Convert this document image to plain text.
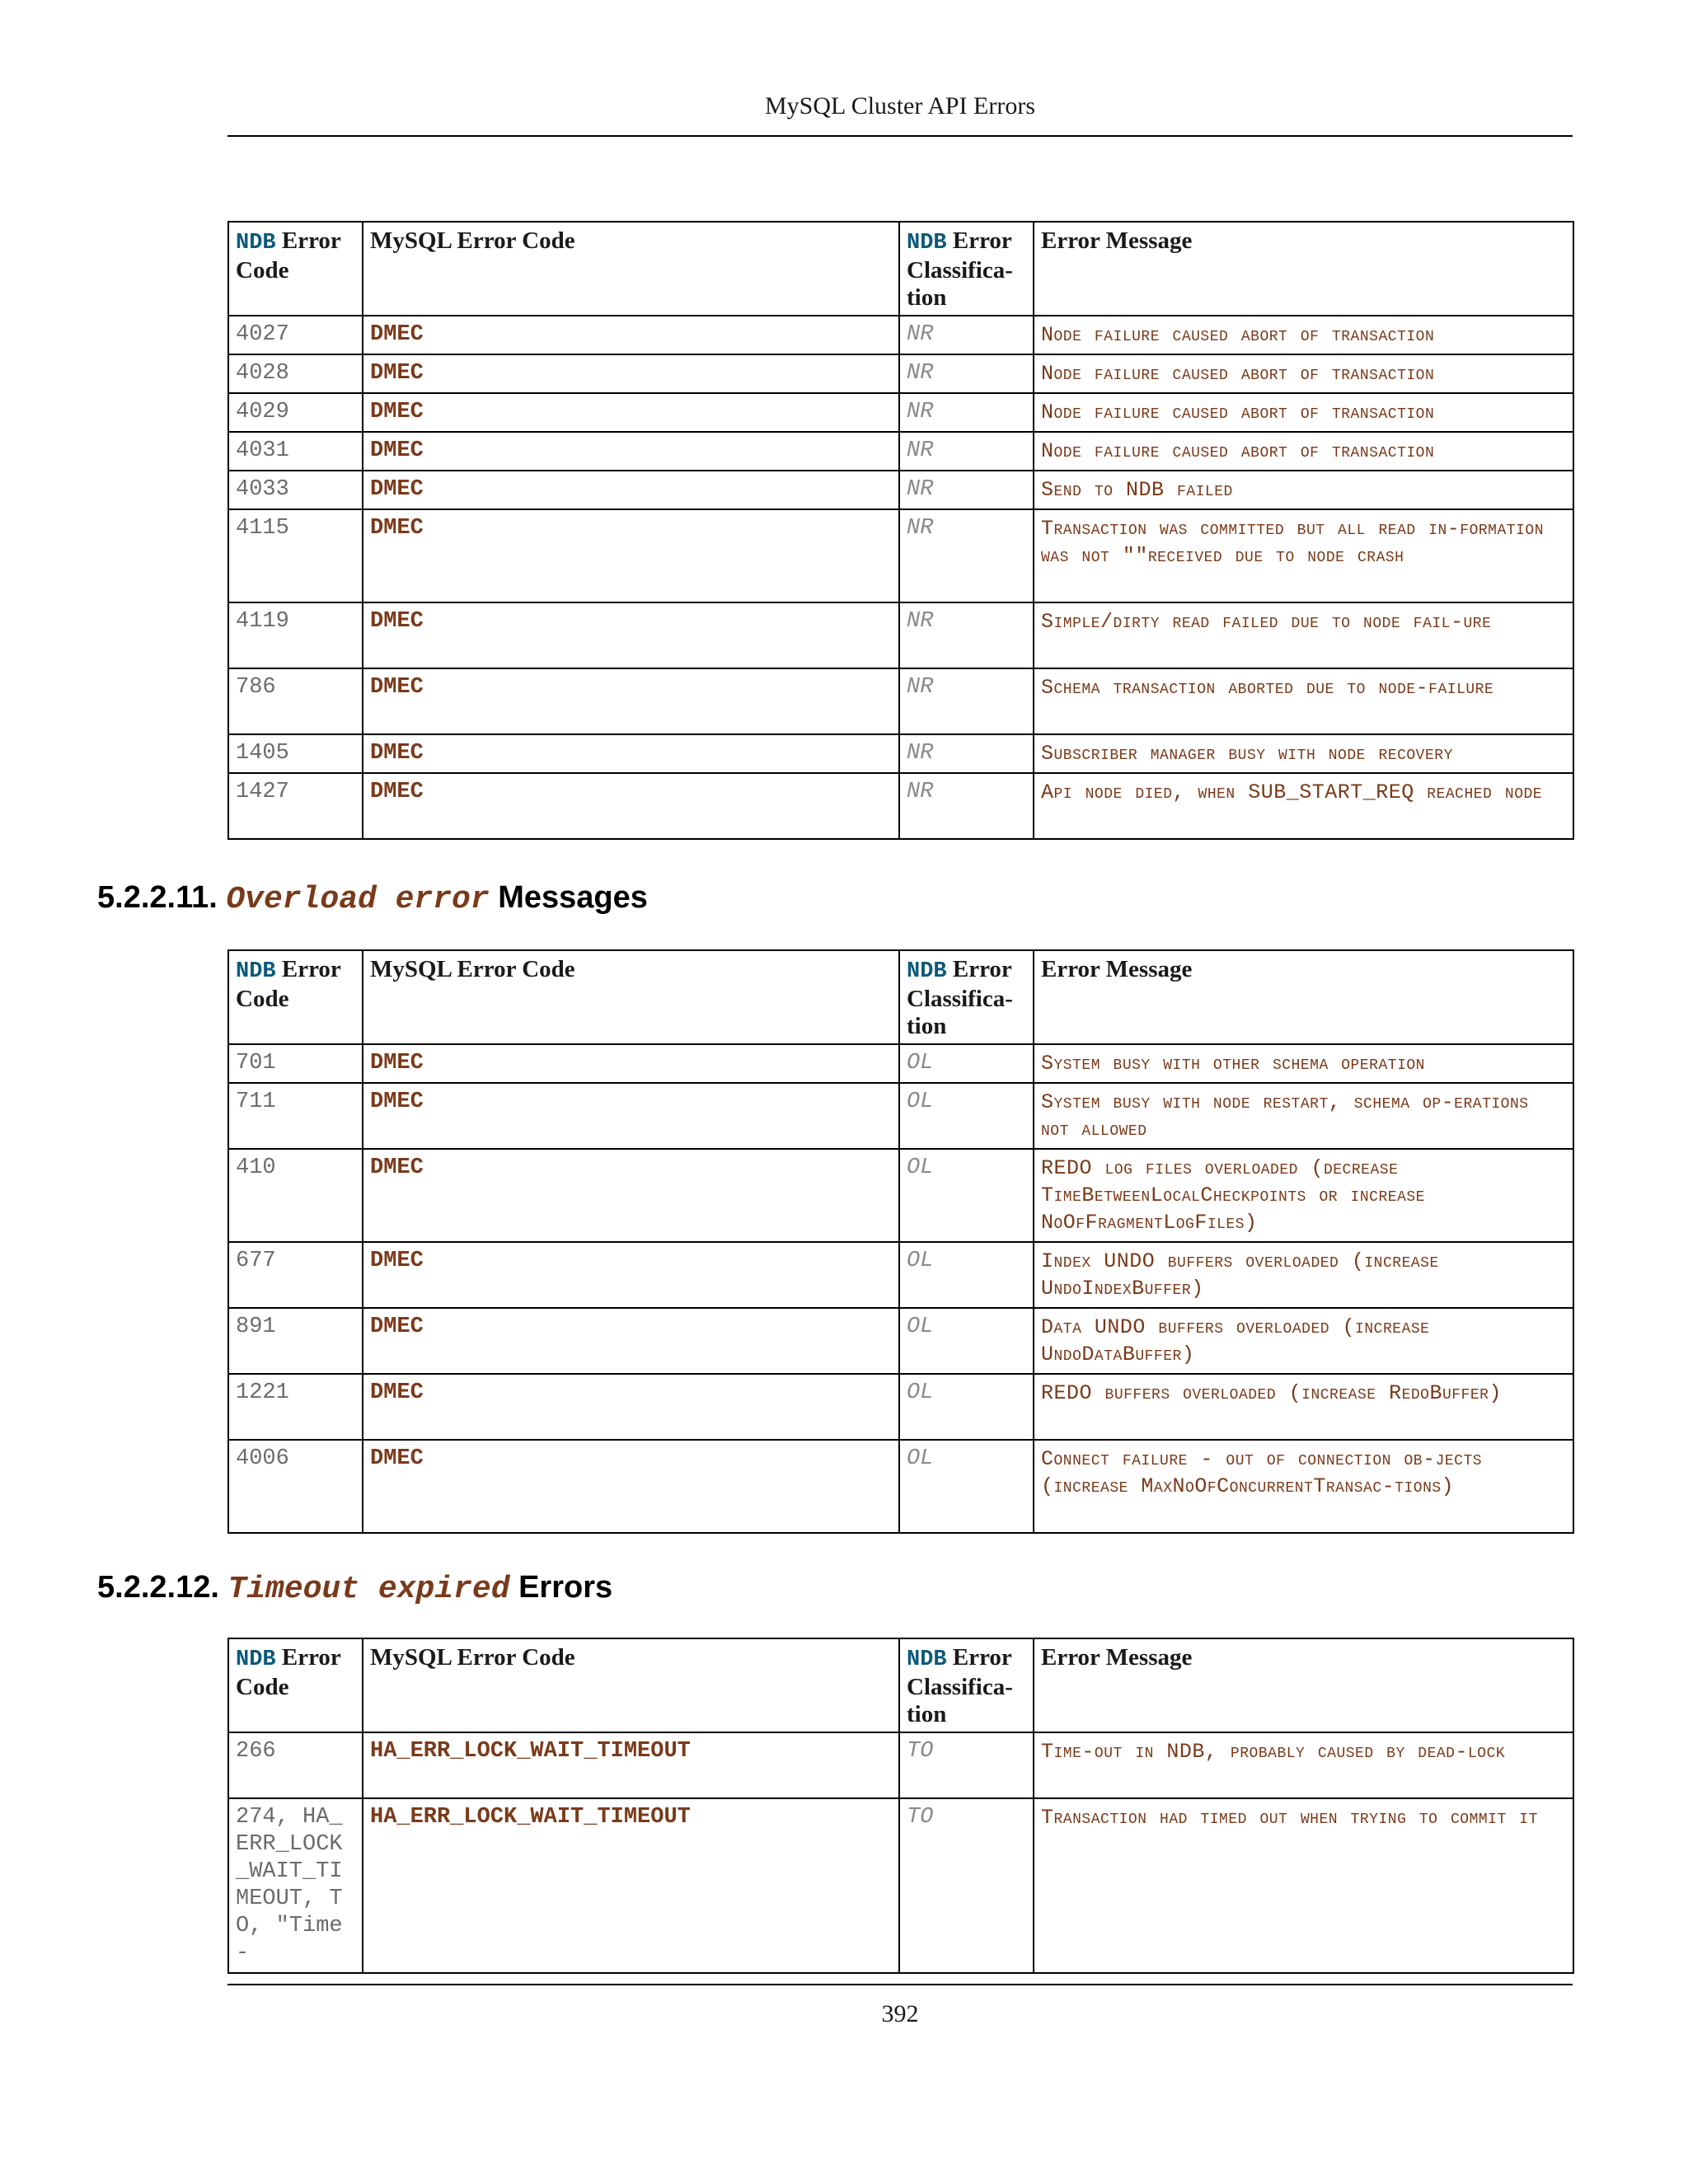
MySQL Cluster API Errors
NDB Error Code	MySQL Error Code	NDB Error Classifica-tion	Error Message
4027	DMEC	NR	Node failure caused abort of transaction
4028	DMEC	NR	Node failure caused abort of transaction
4029	DMEC	NR	Node failure caused abort of transaction
4031	DMEC	NR	Node failure caused abort of transaction
4033	DMEC	NR	Send to NDB failed
4115	DMEC	NR	Transaction was committed but all read in-formation was not ""received due to node crash
4119	DMEC	NR	Simple/dirty read failed due to node fail-ure
786	DMEC	NR	Schema transaction aborted due to node-failure
1405	DMEC	NR	Subscriber manager busy with node recovery
1427	DMEC	NR	Api node died, when SUB_START_REQ reached node
5.2.2.11. Overload error Messages
NDB Error Code	MySQL Error Code	NDB Error Classifica-tion	Error Message
701	DMEC	OL	System busy with other schema operation
711	DMEC	OL	System busy with node restart, schema op-erations not allowed
410	DMEC	OL	REDO log files overloaded (decrease TimeBetweenLocalCheckpoints or increase NoOfFragmentLogFiles)
677	DMEC	OL	Index UNDO buffers overloaded (increase UndoIndexBuffer)
891	DMEC	OL	Data UNDO buffers overloaded (increase UndoDataBuffer)
1221	DMEC	OL	REDO buffers overloaded (increase RedoBuffer)
4006	DMEC	OL	Connect failure - out of connection ob-jects (increase MaxNoOfConcurrentTransac-tions)
5.2.2.12. Timeout expired Errors
NDB Error Code	MySQL Error Code	NDB Error Classifica-tion	Error Message
266	HA_ERR_LOCK_WAIT_TIMEOUT	TO	Time-out in NDB, probably caused by dead-lock
274, HA_ERR_LOCK_WAIT_TIMEOUT, TO, "Time-	HA_ERR_LOCK_WAIT_TIMEOUT	TO	Transaction had timed out when trying to commit it
392
